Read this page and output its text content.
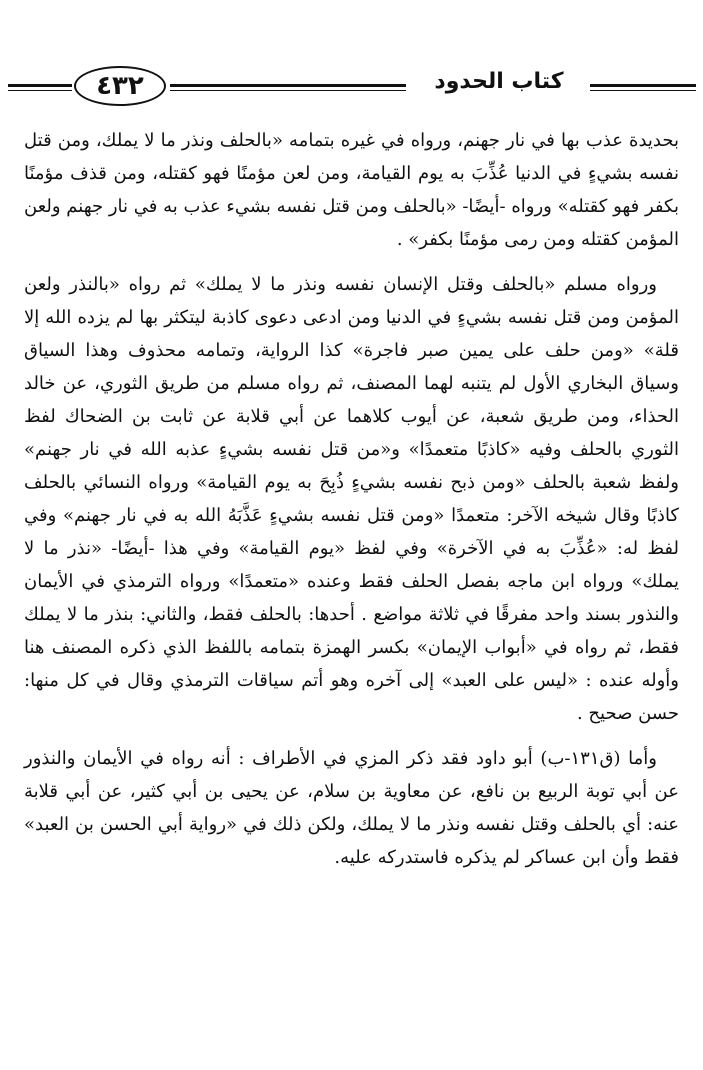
٤٣٢	كتاب الحدود

بحديدة عذب بها في نار جهنم، ورواه في غيره بتمامه «بالحلف ونذر ما لا يملك، ومن قتل نفسه بشيءٍ في الدنيا عُذِّبَ به يوم القيامة، ومن لعن مؤمنًا فهو كقتله، ومن قذف مؤمنًا بكفر فهو كقتله» ورواه -أيضًا- «بالحلف ومن قتل نفسه بشيء عذب به في نار جهنم ولعن المؤمن كقتله ومن رمى مؤمنًا بكفر» .

ورواه مسلم «بالحلف وقتل الإنسان نفسه ونذر ما لا يملك» ثم رواه «بالنذر ولعن المؤمن ومن قتل نفسه بشيءٍ في الدنيا ومن ادعى دعوى كاذبة ليتكثر بها لم يزده الله إلا قلة» «ومن حلف على يمين صبر فاجرة» كذا الرواية، وتمامه محذوف وهذا السياق وسياق البخاري الأول لم يتنبه لهما المصنف، ثم رواه مسلم من طريق الثوري، عن خالد الحذاء، ومن طريق شعبة، عن أيوب كلاهما عن أبي قلابة عن ثابت بن الضحاك لفظ الثوري بالحلف وفيه «كاذبًا متعمدًا» و«من قتل نفسه بشيءٍ عذبه الله في نار جهنم» ولفظ شعبة بالحلف «ومن ذبح نفسه بشيءٍ ذُبِحَ به يوم القيامة» ورواه النسائي بالحلف كاذبًا وقال شيخه الآخر: متعمدًا «ومن قتل نفسه بشيءٍ عَذَّبَهُ الله به في نار جهنم» وفي لفظ له: «عُذِّبَ به في الآخرة» وفي لفظ «يوم القيامة» وفي هذا -أيضًا- «نذر ما لا يملك» ورواه ابن ماجه بفصل الحلف فقط وعنده «متعمدًا» ورواه الترمذي في الأيمان والنذور بسند واحد مفرقًا في ثلاثة مواضع . أحدها: بالحلف فقط، والثاني: بنذر ما لا يملك فقط، ثم رواه في «أبواب الإيمان» بكسر الهمزة بتمامه باللفظ الذي ذكره المصنف هنا وأوله عنده : «ليس على العبد» إلى آخره وهو أتم سياقات الترمذي وقال في كل منها: حسن صحيح .

وأما (ق١٣١-ب) أبو داود فقد ذكر المزي في الأطراف : أنه رواه في الأيمان والنذور عن أبي توبة الربيع بن نافع، عن معاوية بن سلام، عن يحيى بن أبي كثير، عن أبي قلابة عنه: أي بالحلف وقتل نفسه ونذر ما لا يملك، ولكن ذلك في «رواية أبي الحسن بن العبد» فقط وأن ابن عساكر لم يذكره فاستدركه عليه.
